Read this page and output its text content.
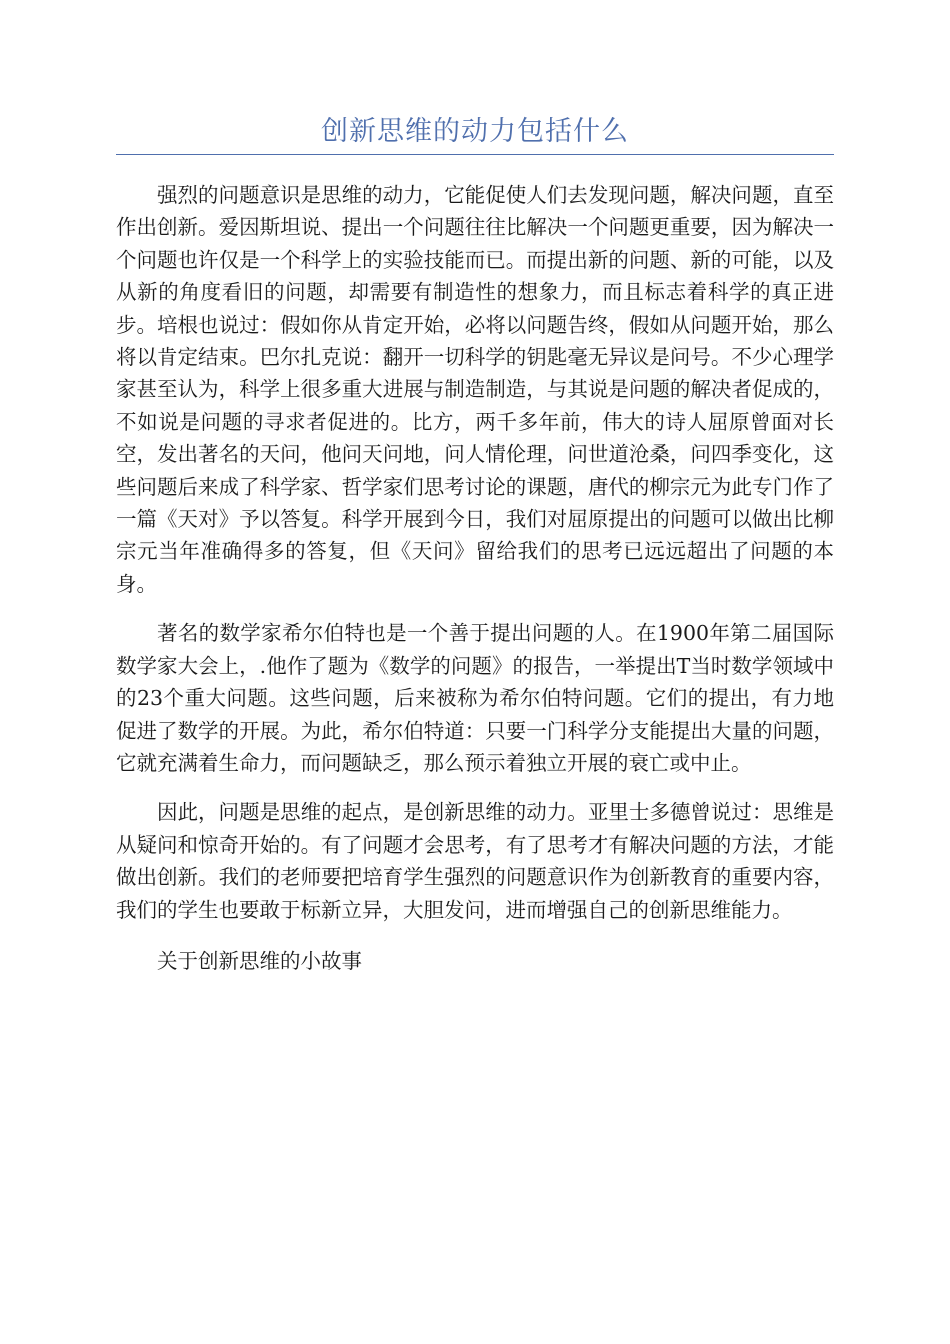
创新思维的动力包括什么

强烈的问题意识是思维的动力，它能促使人们去发现问题，解决问题，直至作出创新。爱因斯坦说、提出一个问题往往比解决一个问题更重要，因为解决一个问题也许仅是一个科学上的实验技能而已。而提出新的问题、新的可能，以及从新的角度看旧的问题，却需要有制造性的想象力，而且标志着科学的真正进步。培根也说过：假如你从肯定开始，必将以问题告终，假如从问题开始，那么将以肯定结束。巴尔扎克说：翻开一切科学的钥匙毫无异议是问号。不少心理学家甚至认为，科学上很多重大进展与制造制造，与其说是问题的解决者促成的，不如说是问题的寻求者促进的。比方，两千多年前，伟大的诗人屈原曾面对长空，发出著名的天问，他问天问地，问人情伦理，问世道沧桑，问四季变化，这些问题后来成了科学家、哲学家们思考讨论的课题，唐代的柳宗元为此专门作了一篇《天对》予以答复。科学开展到今日，我们对屈原提出的问题可以做出比柳宗元当年准确得多的答复，但《天问》留给我们的思考已远远超出了问题的本身。

著名的数学家希尔伯特也是一个善于提出问题的人。在1900年第二届国际数学家大会上，.他作了题为《数学的问题》的报告，一举提出T当时数学领域中的23个重大问题。这些问题，后来被称为希尔伯特问题。它们的提出，有力地促进了数学的开展。为此，希尔伯特道：只要一门科学分支能提出大量的问题，它就充满着生命力，而问题缺乏，那么预示着独立开展的衰亡或中止。

因此，问题是思维的起点，是创新思维的动力。亚里士多德曾说过：思维是从疑问和惊奇开始的。有了问题才会思考，有了思考才有解决问题的方法，才能做出创新。我们的老师要把培育学生强烈的问题意识作为创新教育的重要内容，我们的学生也要敢于标新立异，大胆发问，进而增强自己的创新思维能力。

关于创新思维的小故事
